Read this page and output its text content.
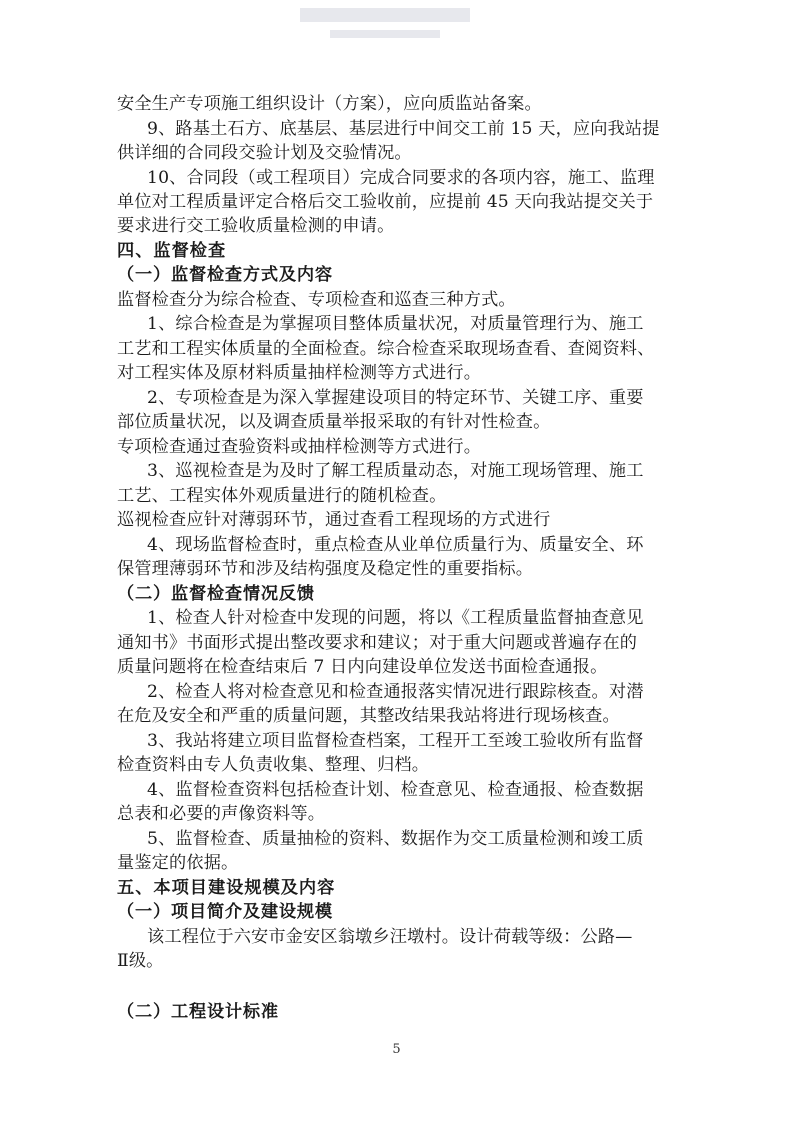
安全生产专项施工组织设计（方案），应向质监站备案。
9、路基土石方、底基层、基层进行中间交工前 15 天，应向我站提
供详细的合同段交验计划及交验情况。
10、合同段（或工程项目）完成合同要求的各项内容，施工、监理
单位对工程质量评定合格后交工验收前，应提前 45 天向我站提交关于
要求进行交工验收质量检测的申请。
四、监督检查
（一）监督检查方式及内容
监督检查分为综合检查、专项检查和巡查三种方式。
1、综合检查是为掌握项目整体质量状况，对质量管理行为、施工
工艺和工程实体质量的全面检查。综合检查采取现场查看、查阅资料、
对工程实体及原材料质量抽样检测等方式进行。
2、专项检查是为深入掌握建设项目的特定环节、关键工序、重要
部位质量状况，以及调查质量举报采取的有针对性检查。
专项检查通过查验资料或抽样检测等方式进行。
3、巡视检查是为及时了解工程质量动态，对施工现场管理、施工
工艺、工程实体外观质量进行的随机检查。
巡视检查应针对薄弱环节，通过查看工程现场的方式进行
4、现场监督检查时，重点检查从业单位质量行为、质量安全、环
保管理薄弱环节和涉及结构强度及稳定性的重要指标。
（二）监督检查情况反馈
1、检查人针对检查中发现的问题，将以《工程质量监督抽查意见
通知书》书面形式提出整改要求和建议；对于重大问题或普遍存在的
质量问题将在检查结束后 7 日内向建设单位发送书面检查通报。
2、检查人将对检查意见和检查通报落实情况进行跟踪核查。对潜
在危及安全和严重的质量问题，其整改结果我站将进行现场核查。
3、我站将建立项目监督检查档案，工程开工至竣工验收所有监督
检查资料由专人负责收集、整理、归档。
4、监督检查资料包括检查计划、检查意见、检查通报、检查数据
总表和必要的声像资料等。
5、监督检查、质量抽检的资料、数据作为交工质量检测和竣工质
量鉴定的依据。
五、本项目建设规模及内容
（一）项目简介及建设规模
该工程位于六安市金安区翁墩乡汪墩村。设计荷载等级：公路—
Ⅱ级。
（二）工程设计标准
5
